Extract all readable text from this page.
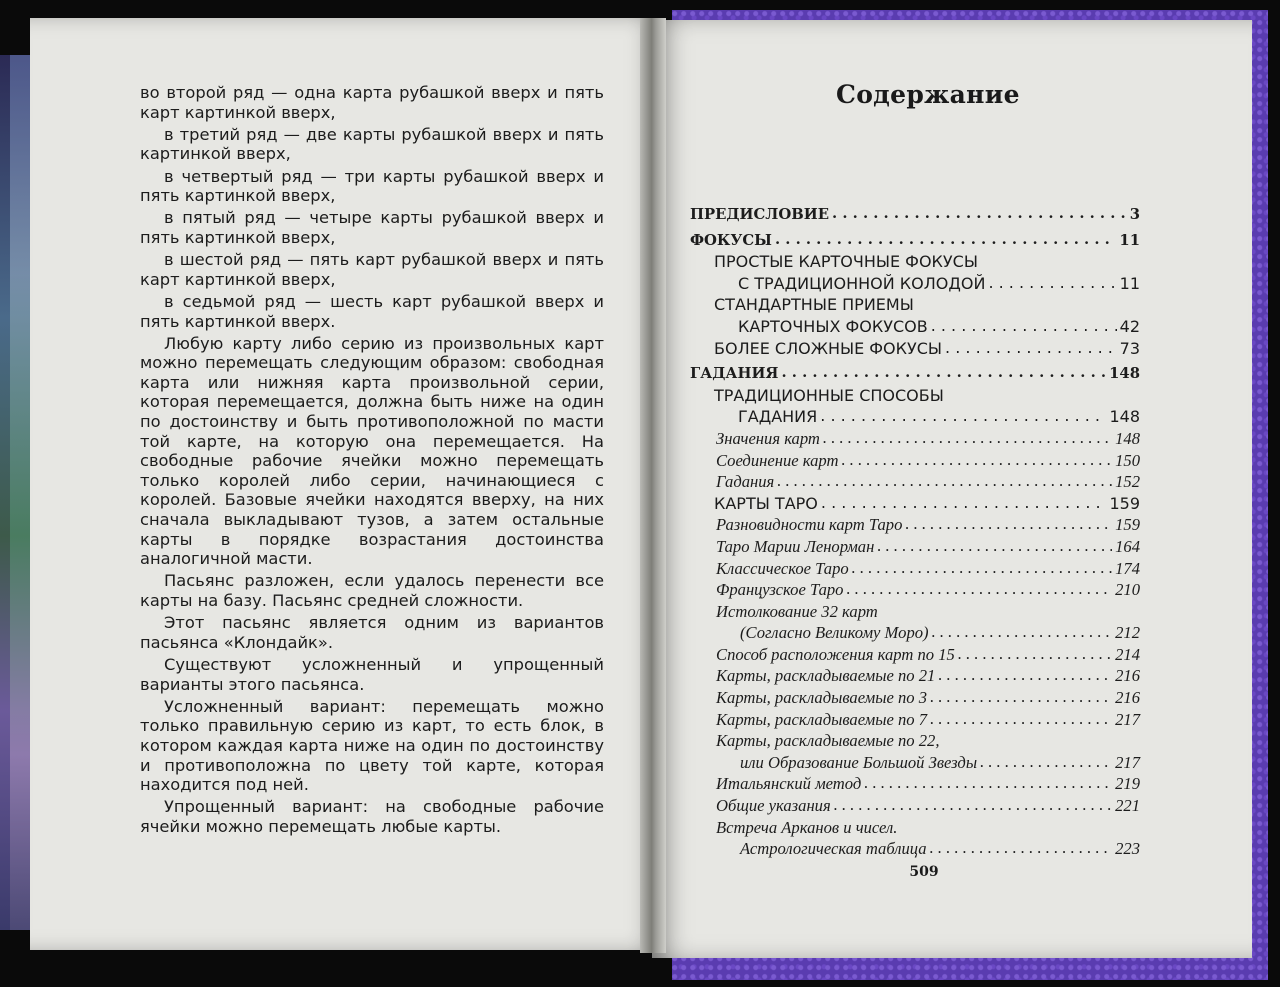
во второй ряд — одна карта рубашкой вверх и пять карт картинкой вверх,

в третий ряд — две карты рубашкой вверх и пять картинкой вверх,

в четвертый ряд — три карты рубашкой вверх и пять картинкой вверх,

в пятый ряд — четыре карты рубашкой вверх и пять картинкой вверх,

в шестой ряд — пять карт рубашкой вверх и пять карт картинкой вверх,

в седьмой ряд — шесть карт рубашкой вверх и пять картинкой вверх.

Любую карту либо серию из произвольных карт можно перемещать следующим образом: свободная карта или нижняя карта произвольной серии, которая перемещается, должна быть ниже на один по достоинству и быть противоположной по масти той карте, на которую она перемещается. На свободные рабочие ячейки можно перемещать только королей либо серии, начинающиеся с королей. Базовые ячейки находятся вверху, на них сначала выкладывают тузов, а затем остальные карты в порядке возрастания достоинства аналогичной масти.

Пасьянс разложен, если удалось перенести все карты на базу. Пасьянс средней сложности.

Этот пасьянс является одним из вариантов пасьянса «Клондайк».

Существуют усложненный и упрощенный варианты этого пасьянса.

Усложненный вариант: перемещать можно только правильную серию из карт, то есть блок, в котором каждая карта ниже на один по достоинству и противоположна по цвету той карте, которая находится под ней.

Упрощенный вариант: на свободные рабочие ячейки можно перемещать любые карты.

Содержание
ПРЕДИСЛОВИЕ . . .	3
ФОКУСЫ . . .	11
ПРОСТЫЕ КАРТОЧНЫЕ ФОКУСЫ
С ТРАДИЦИОННОЙ КОЛОДОЙ . . .	11
СТАНДАРТНЫЕ ПРИЕМЫ
КАРТОЧНЫХ ФОКУСОВ . . .	42
БОЛЕЕ СЛОЖНЫЕ ФОКУСЫ . . .	73
ГАДАНИЯ . . .	148
ТРАДИЦИОННЫЕ СПОСОБЫ
ГАДАНИЯ . . .	148
Значения карт . . .	148
Соединение карт . . .	150
Гадания . . .	152
КАРТЫ ТАРО . . .	159
Разновидности карт Таро . . .	159
Таро Марии Ленорман . . .	164
Классическое Таро . . .	174
Французское Таро . . .	210
Истолкование 32 карт
(Согласно Великому Моро) . . .	212
Способ расположения карт по 15 . . .	214
Карты, раскладываемые по 21 . . .	216
Карты, раскладываемые по 3 . . .	216
Карты, раскладываемые по 7 . . .	217
Карты, раскладываемые по 22,
или Образование Большой Звезды . . .	217
Итальянский метод . . .	219
Общие указания . . .	221
Встреча Арканов и чисел.
Астрологическая таблица . . .	223
509
